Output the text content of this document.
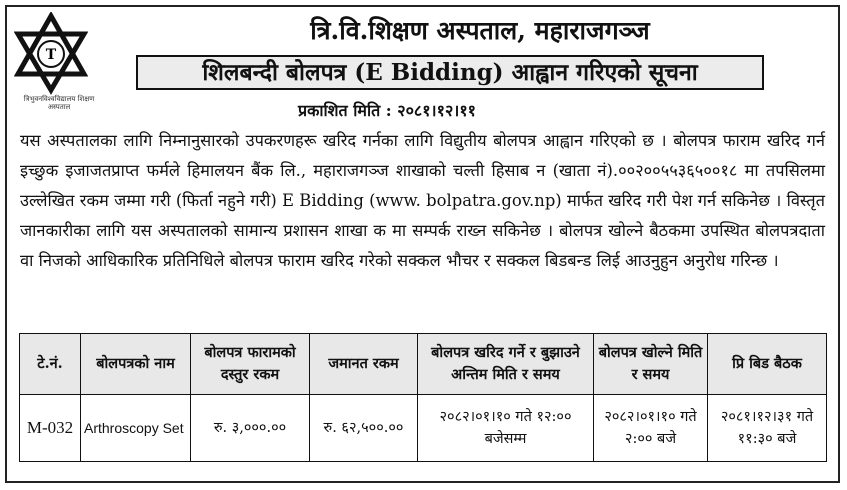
T
त्रिभुवनविश्वविद्यालय शिक्षण अस्पताल
त्रि.वि.शिक्षण अस्पताल, महाराजगञ्ज
शिलबन्दी बोलपत्र (E Bidding) आह्वान गरिएको सूचना
प्रकाशित मिति : २०८१।१२।११
यस अस्पतालका लागि निम्नानुसारको उपकरणहरू खरिद गर्नका लागि विद्युतीय बोलपत्र आह्वान गरिएको छ । बोलपत्र फाराम खरिद गर्न इच्छुक इजाजतप्राप्त फर्मले हिमालयन बैंक लि., महाराजगञ्ज शाखाको चल्ती हिसाब न (खाता नं).००२००५५३६५००१८ मा तपसिलमा उल्लेखित रकम जम्मा गरी (फिर्ता नहुने गरी) E Bidding (www. bolpatra.gov.np) मार्फत खरिद गरी पेश गर्न सकिनेछ । विस्तृत जानकारीका लागि यस अस्पतालको सामान्य प्रशासन शाखा क मा सम्पर्क राख्न सकिनेछ । बोलपत्र खोल्ने बैठकमा उपस्थित बोलपत्रदाता वा निजको आधिकारिक प्रतिनिधिले बोलपत्र फाराम खरिद गरेको सक्कल भौचर र सक्कल बिडबन्ड लिई आउनुहुन अनुरोध गरिन्छ ।
टे.नं.	बोलपत्रको नाम	बोलपत्र फारामको दस्तुर रकम	जमानत रकम	बोलपत्र खरिद गर्ने र बुझाउने अन्तिम मिति र समय	बोलपत्र खोल्ने मिति र समय	प्रि बिड बैठक
M-032	Arthroscopy Set	रु. ३,०००.००	रु. ६२,५००.००	२०८२।०१।१० गते १२:०० बजेसम्म	२०८२।०१।१० गते २:०० बजे	२०८१।१२।३१ गते ११:३० बजे
